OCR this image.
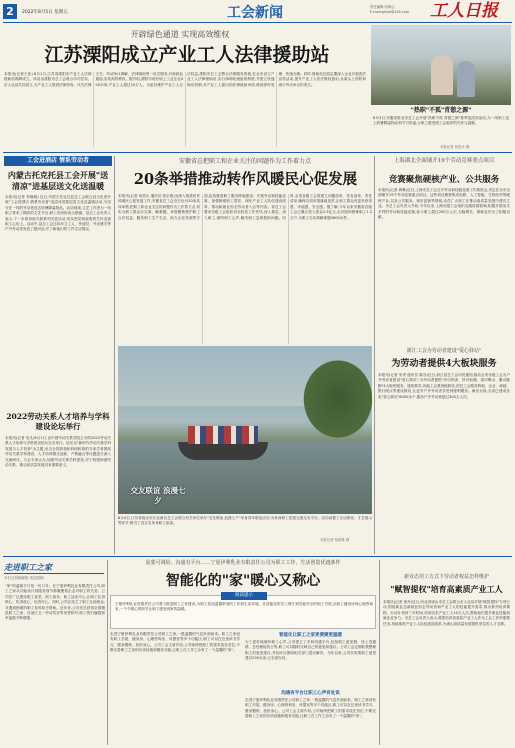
2	2022年8月5日 星期五	工会新闻	责任编辑:苏海云
E-mail:ghxw@126.com 工人日报
开辟绿色通道 实现高效维权
江苏溧阳成立产业工人法律援助站
本报讯(记者王伟) 8月1日,江苏省溧阳市产业工人法律援助站揭牌成立。该站由溧阳市总工会联合市司法局、市人社局共同设立,为产业工人提供法律咨询、代写法律文书、劳动争议调解、法律援助等一站式服务,开辟绿色通道,实现高效维权。据介绍,溧阳市现有规上工业企业400余家,产业工人超过10万人。为更好维护产业工人合法权益,溧阳市总工会整合法律服务资源,在全市设立产业工人法律援助站,实行律师轮流值班制度,并建立快速响应机制,对产业工人提出的法律援助申请,做到即时受理、快速办理。同时,援助站还将定期深入企业开展普法宣传活动,提升产业工人依法维权意识,从源头上预防和减少劳动争议的发生。
"热职"不孤"青憩之源"
8月3日,安徽省淮北市总工会开展"热职不孤 青憩之源"夏季送清凉活动,为一线职工送上防暑降温物品和节日祝福,让职工感受到工会组织的关怀与温暖。
本报记者 何昌永 摄
工会进酒店 情系劳动者
内蒙古托克托县工会开展"送清凉"进基层送文化送温暖
本报讯(记者 李晓娟) 近日,内蒙古托克托县总工会联合县文化馆开展"工会进酒店 情系劳动者"送清凉进基层送文化送温暖活动,为坚守在一线的劳动者送去防暑降温物品。活动现场,文艺工作者为一线职工带来了精彩的文艺节目,职工们纷纷表示感谢。县总工会负责人表示,下一步将持续开展系列关爱活动,切实把党和政府的关怀送到职工心坎上。活动中,县总工会还向环卫工人、快递员、外卖骑手等户外劳动者发放了慰问品,并了解他们的工作生活情况。
2022劳动关系人才培养与学科建设论坛举行
本报讯(记者 吴凡)8月1日,由中国劳动关系学院主办的2022劳动关系人才培养与学科建设论坛在京举行。论坛以"新时代劳动关系学科发展与人才培养"为主题,来自全国高校和科研机构的专家学者围绕劳动关系学科建设、人才培养模式创新、产教融合等议题进行深入交流研讨。与会专家认为,加强劳动关系学科建设,对于构建和谐劳动关系、推动高质量发展具有重要意义。
安徽省总把职工和企业关注的问题作为工作着力点
20条举措推动转作风暖民心促发展
本报讯(记者 何昌永 通讯员 张正明)为深入推进转作风暖民心促发展工作,安徽省总工会近日出台20条具体举措,把职工和企业关注的问题作为工作着力点,切实为职工群众办实事、解难题。举措聚焦维护职工合法权益、服务职工生产生活、助力企业发展等方面,包括推进职工服务阵地建设、开展劳动和技能竞赛、加强困难职工帮扶、深化产业工人队伍建设改革、推动新就业形态劳动者入会等内容。省总工会要求各级工会组织切实转变工作作风,深入基层、深入职工,倾听职工心声,解决职工急难愁盼问题。同时,全省各级工会将建立问题清单、任务清单、责任清单,确保各项举措落地见效,让职工群众有更多获得感、幸福感、安全感。据了解,今年以来安徽省各级工会已累计投入资金2.3亿元,走访慰问困难职工1.2万户,为职工办实事解难题3600余件。
交友联谊 浪漫七夕
8月4日,江苏省南京市江北新区总工会联合有关单位举办"交友联谊 浪漫七夕"单身青年联谊活动,为单身职工搭建交流交友平台。活动设置了互动游戏、才艺展示等环节,吸引了近百名单身职工参加。
本报记者 杨国林 摄
上海湖北全面铺开19个劳动竞赛重点项目
竞赛聚焦硬核产业、公共服务
本报讯(记者 黄琳)近日,上海市总工会召开劳动和技能竞赛工作推进会,决定在全市全面铺开19个劳动竞赛重点项目。这些项目聚焦集成电路、人工智能、生物医药等硬核产业,以及公共服务、城市更新等领域,动员广大职工在推动高质量发展中建功立业。市总工会负责人介绍,今年以来,上海各级工会组织克服疫情影响,积极开展形式多样的劳动和技能竞赛,参与职工超过200万人次,为稳增长、保就业作出了积极贡献。
浙江工会为劳动者建设"爱心驿站"
为劳动者提供4大板块服务
本报讯(记者 朱秀 通讯员 陈亦)近日,浙江省总工会印发通知,推动全省各级工会为户外劳动者建设"爱心驿站",为劳动者提供"冷可纳凉、热可取暖、渴可喝水、累可歇脚"4大板块服务。通知要求,各地工会要因地制宜,依托工会服务阵地、企业、商超、银行网点等建设驿站,让更多户外劳动者享受到便利服务。截至目前,全省已建成各类"爱心驿站"6000余个,服务户外劳动者超过300万人次。
夏蒙可调险、沟通有平台……宁夏伊利乳业有限责任公司为职工工作、生活创造优越条件
智能化的"家"暖心又称心
阅读提示
宁夏伊利乳业有限责任公司着力推进职工之家建设,为职工营造温馨舒适的工作和生活环境。从智能化的员工餐厅到功能齐全的职工书屋,从职工健身房到心理咨询室,一个个暖心的细节让职工感受到家的温暖。
走进宁夏伊利乳业有限责任公司职工之家,一股温馨的气息扑面而来。职工之家设有职工书屋、健身房、心理咨询室、母婴室等多个功能区,职工可以在这里读书学习、健身锻炼、放松身心。公司工会主席介绍,公司始终把职工的需求放在首位,不断完善职工之家的各项设施和服务功能,让职工在工作之余有了一个温馨的"家"。
智能化让职工之家更便捷更温暖
为了更好地倾听职工心声,公司建立了多种沟通平台,包括职工意见箱、线上沟通群、总经理接待日等,职工可以随时反映自己的意见和建议。公司工会定期收集整理职工的意见建议,并及时反馈给相关部门进行解决。今年以来,公司共收集职工意见建议200余条,已全部办结。
沟通有平台让职工心声有处说
走进宁夏伊利乳业有限责任公司职工之家,一股温馨的气息扑面而来。职工之家设有职工书屋、健身房、心理咨询室、母婴室等多个功能区,职工可以在这里读书学习、健身锻炼、放松身心。公司工会主席介绍,公司始终把职工的需求放在首位,不断完善职工之家的各项设施和服务功能,让职工在工作之余有了一个温馨的"家"。
走进职工之家
本栏目投稿邮箱 欢迎投稿
"家"的温暖不只是一句口号。在宁夏伊利乳业有限责任公司,职工之家从功能设计到服务细节都凝聚着企业对职工的关爱。公司在厂区建设职工食堂、职工宿舍、职工活动中心,让职工住得舒心、吃得放心、玩得开心。同时,公司还设立了职工互助基金,对遇到困难的职工及时给予帮助。近年来,公司先后获得全国模范职工之家、自治区五一劳动奖状等荣誉称号,职工的归属感和幸福感不断增强。
新业态用工方式下劳动者权益怎样维护
"赋智提权"培育高素质产业工人
本报讯(记者 徐丹)近日,河北省唐山市总工会联合市人社局开展"赋智提权"专项行动,围绕新业态新就业形态劳动者和产业工人的技能提升需求,推出系列培训课程。行动计划用三年时间,培训各类产业工人10万人次,帮助他们提升职业技能和就业竞争力。市总工会负责人表示,将把培育高素质产业工人作为工会工作的重要任务,持续推进产业工人队伍建设改革,为唐山高质量发展提供坚实的人才支撑。
